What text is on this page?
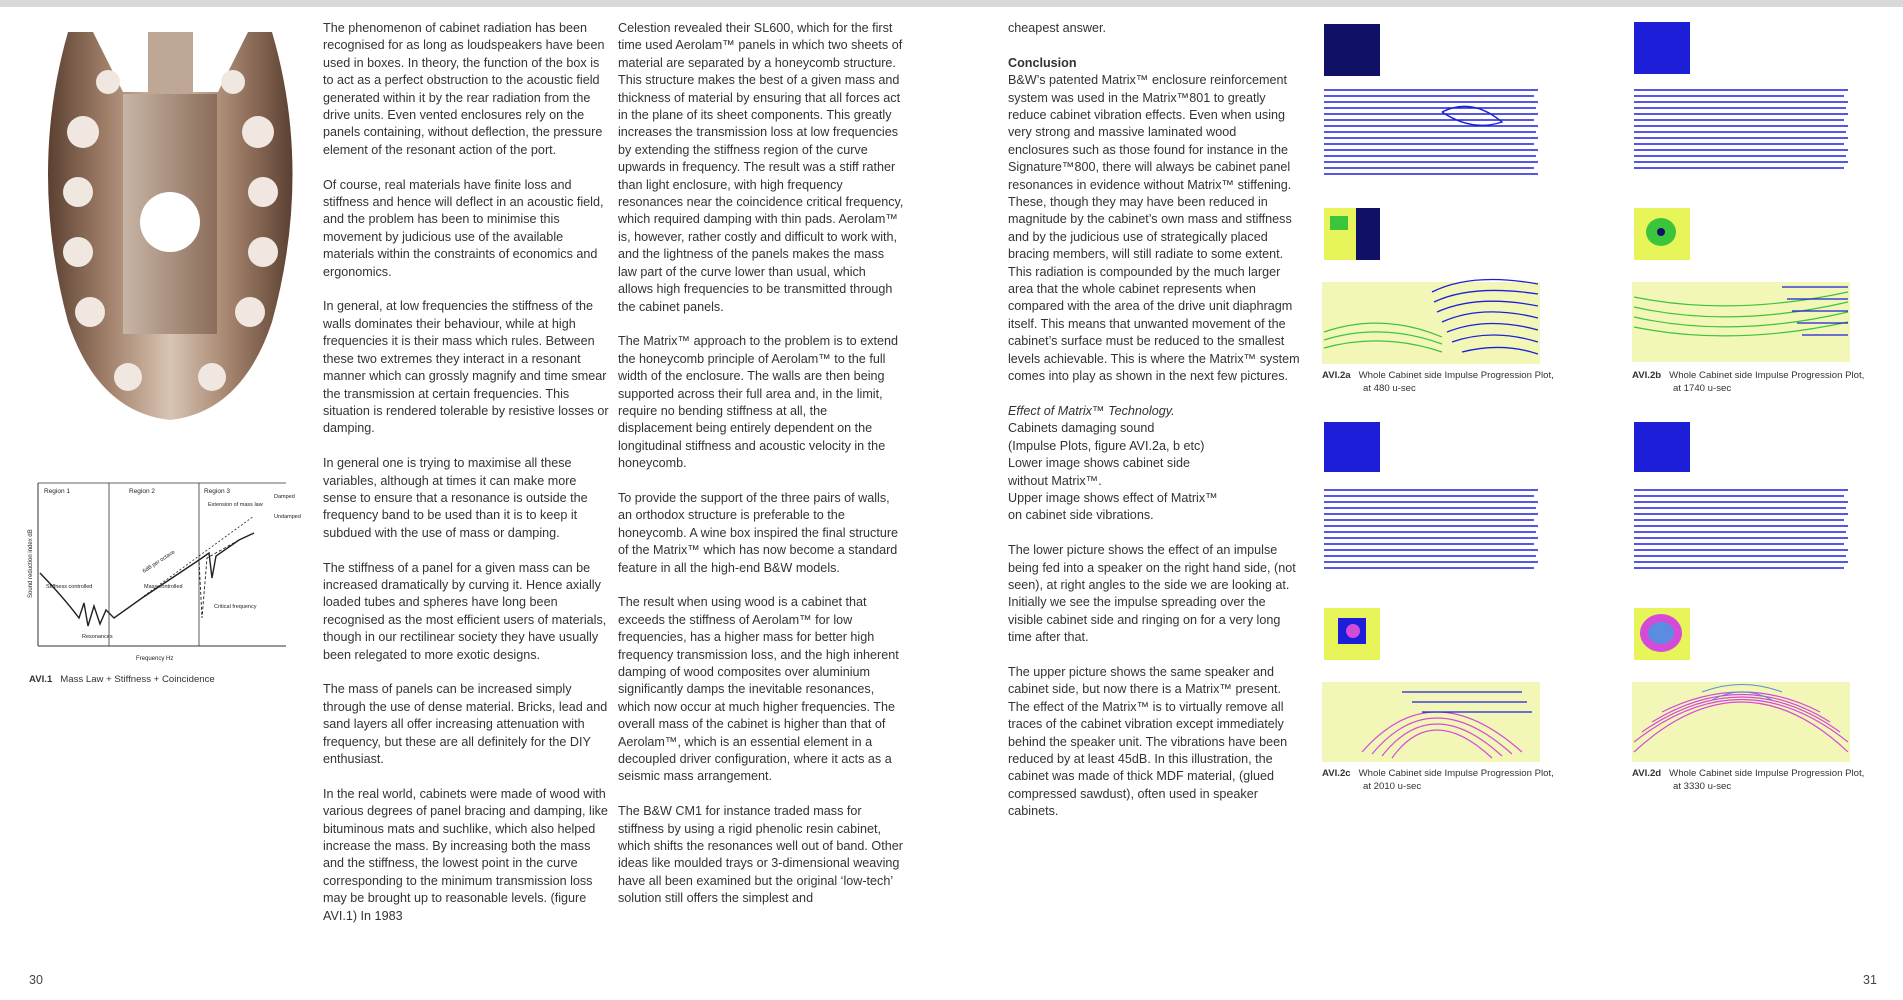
Region 1	Region 2	Region 3
Sound reduction index dB
Frequency Hz
Stiffness controlled
Resonances
Mass controlled
6dB per octave
Extension of mass law
Damped
Undamped
Critical frequency
AVI.1 Mass Law + Stiffness + Coincidence

The phenomenon of cabinet radiation has been recognised for as long as loudspeakers have been used in boxes. In theory, the function of the box is to act as a perfect obstruction to the acoustic field generated within it by the rear radiation from the drive units. Even vented enclosures rely on the panels containing, without deflection, the pressure element of the resonant action of the port.

Of course, real materials have finite loss and stiffness and hence will deflect in an acoustic field, and the problem has been to minimise this movement by judicious use of the available materials within the constraints of economics and ergonomics.

In general, at low frequencies the stiffness of the walls dominates their behaviour, while at high frequencies it is their mass which rules. Between these two extremes they interact in a resonant manner which can grossly magnify and time smear the transmission at certain frequencies. This situation is rendered tolerable by resistive losses or damping.

In general one is trying to maximise all these variables, although at times it can make more sense to ensure that a resonance is outside the frequency band to be used than it is to keep it subdued with the use of mass or damping.

The stiffness of a panel for a given mass can be increased dramatically by curving it. Hence axially loaded tubes and spheres have long been recognised as the most efficient users of materials, though in our rectilinear society they have usually been relegated to more exotic designs.

The mass of panels can be increased simply through the use of dense material. Bricks, lead and sand layers all offer increasing attenuation with frequency, but these are all definitely for the DIY enthusiast.

In the real world, cabinets were made of wood with various degrees of panel bracing and damping, like bituminous mats and suchlike, which also helped increase the mass. By increasing both the mass and the stiffness, the lowest point in the curve corresponding to the minimum transmission loss may be brought up to reasonable levels. (figure AVI.1) In 1983

Celestion revealed their SL600, which for the first time used Aerolam™ panels in which two sheets of material are separated by a honeycomb structure. This structure makes the best of a given mass and thickness of material by ensuring that all forces act in the plane of its sheet components. This greatly increases the transmission loss at low frequencies by extending the stiffness region of the curve upwards in frequency. The result was a stiff rather than light enclosure, with high frequency resonances near the coincidence critical frequency, which required damping with thin pads. Aerolam™ is, however, rather costly and difficult to work with, and the lightness of the panels makes the mass law part of the curve lower than usual, which allows high frequencies to be transmitted through the cabinet panels.

The Matrix™ approach to the problem is to extend the honeycomb principle of Aerolam™ to the full width of the enclosure. The walls are then being supported across their full area and, in the limit, require no bending stiffness at all, the displacement being entirely dependent on the longitudinal stiffness and acoustic velocity in the honeycomb.

To provide the support of the three pairs of walls, an orthodox structure is preferable to the honeycomb. A wine box inspired the final structure of the Matrix™ which has now become a standard feature in all the high-end B&W models.

The result when using wood is a cabinet that exceeds the stiffness of Aerolam™ for low frequencies, has a higher mass for better high frequency transmission loss, and the high inherent damping of wood composites over aluminium significantly damps the inevitable resonances, which now occur at much higher frequencies. The overall mass of the cabinet is higher than that of Aerolam™, which is an essential element in a decoupled driver configuration, where it acts as a seismic mass arrangement.

The B&W CM1 for instance traded mass for stiffness by using a rigid phenolic resin cabinet, which shifts the resonances well out of band. Other ideas like moulded trays or 3-dimensional weaving have all been examined but the original ‘low-tech’ solution still offers the simplest and

cheapest answer.

Conclusion

B&W’s patented Matrix™ enclosure reinforcement system was used in the Matrix™801 to greatly reduce cabinet vibration effects. Even when using very strong and massive laminated wood enclosures such as those found for instance in the Signature™800, there will always be cabinet panel resonances in evidence without Matrix™ stiffening. These, though they may have been reduced in magnitude by the cabinet’s own mass and stiffness and by the judicious use of strategically placed bracing members, will still radiate to some extent. This radiation is compounded by the much larger area that the whole cabinet represents when compared with the area of the drive unit diaphragm itself. This means that unwanted movement of the cabinet’s surface must be reduced to the smallest levels achievable. This is where the Matrix™ system comes into play as shown in the next few pictures.

Effect of Matrix™ Technology.
Cabinets damaging sound
(Impulse Plots, figure AVI.2a, b etc)
Lower image shows cabinet side
without Matrix™.
Upper image shows effect of Matrix™

on cabinet side vibrations.

The lower picture shows the effect of an impulse being fed into a speaker on the right hand side, (not seen), at right angles to the side we are looking at. Initially we see the impulse spreading over the visible cabinet side and ringing on for a very long time after that.

The upper picture shows the same speaker and cabinet side, but now there is a Matrix™ present. The effect of the Matrix™ is to virtually remove all traces of the cabinet vibration except immediately behind the speaker unit. The vibrations have been reduced by at least 45dB. In this illustration, the cabinet was made of thick MDF material, (glued compressed sawdust), often used in speaker cabinets.

AVI.2a Whole Cabinet side Impulse Progression Plot,
at 480 u-sec
AVI.2b Whole Cabinet side Impulse Progression Plot,
at 1740 u-sec
AVI.2c Whole Cabinet side Impulse Progression Plot,
at 2010 u-sec
AVI.2d Whole Cabinet side Impulse Progression Plot,
at 3330 u-sec
30	31
